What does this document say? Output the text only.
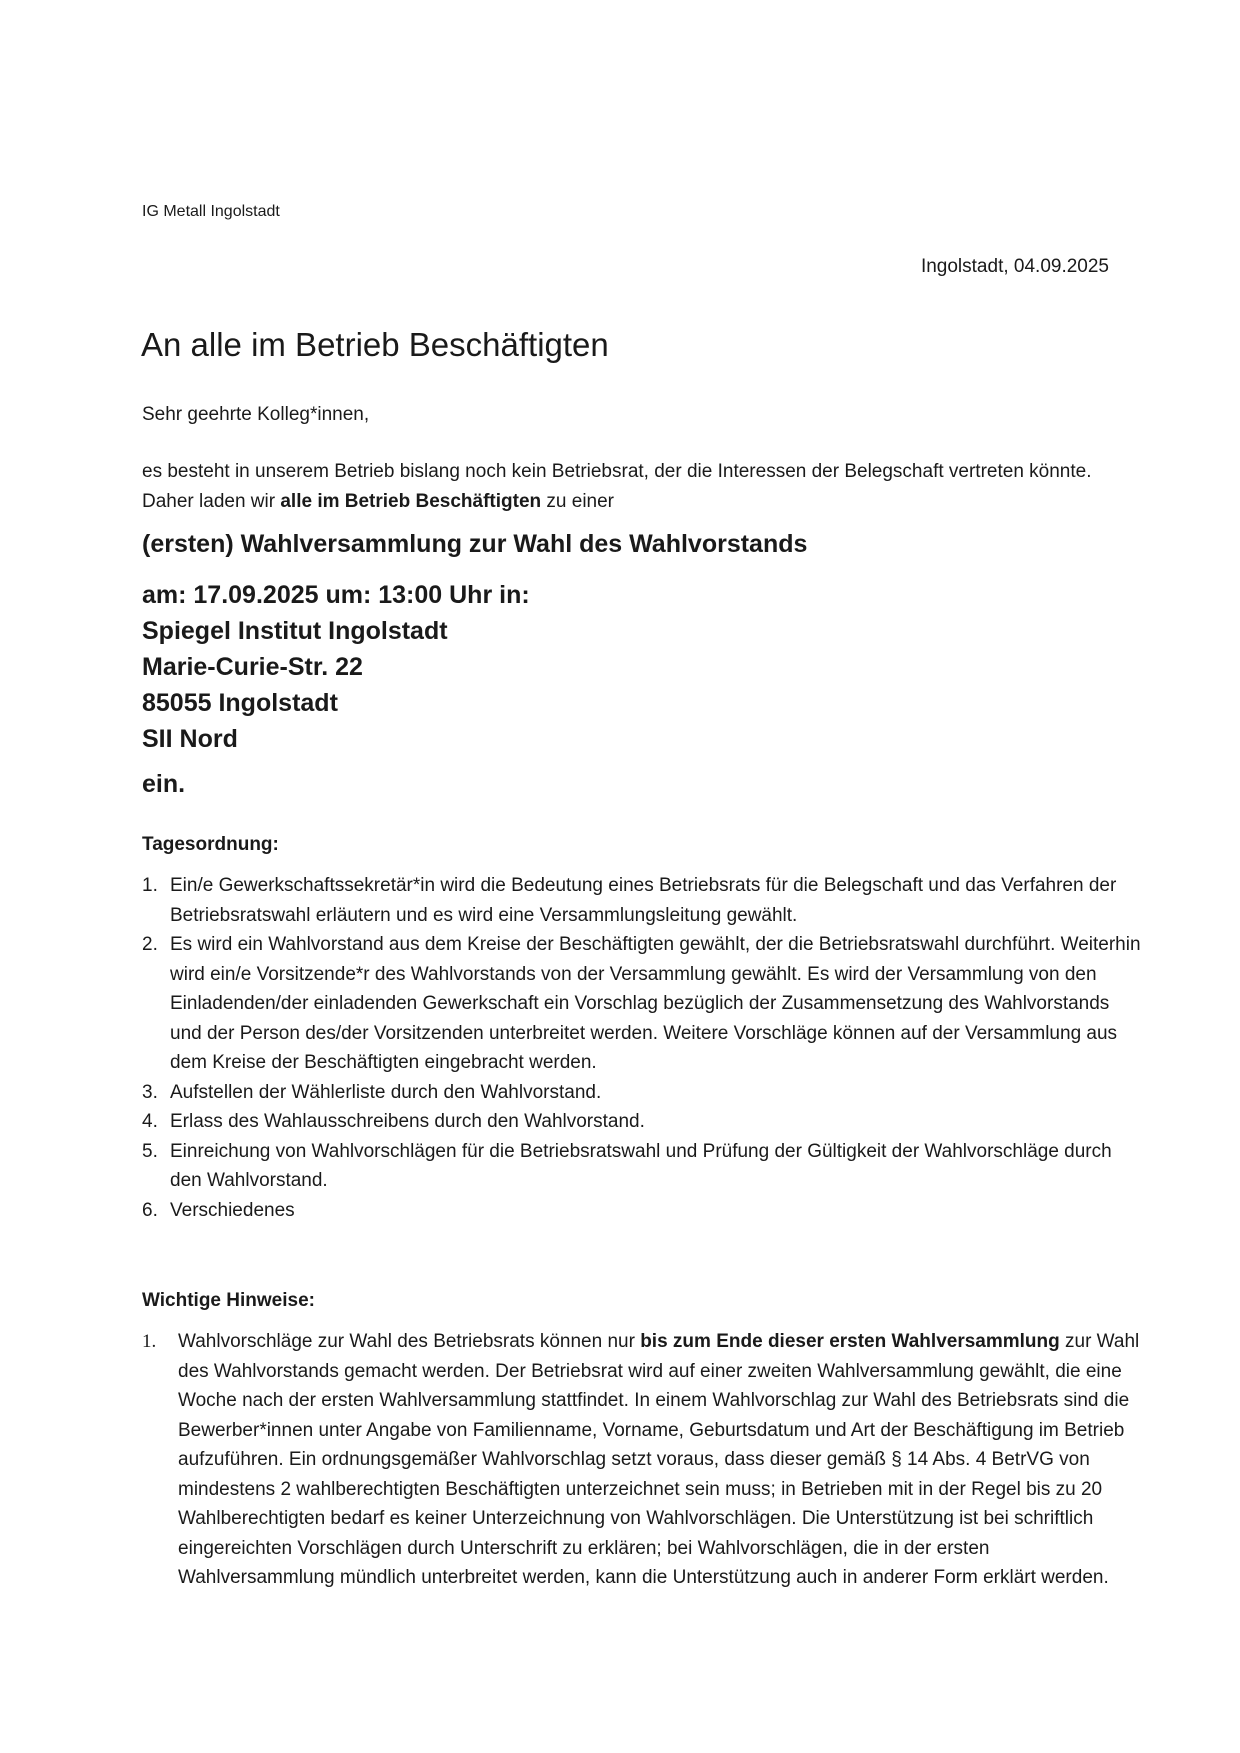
IG Metall Ingolstadt
Ingolstadt, 04.09.2025
An alle im Betrieb Beschäftigten
Sehr geehrte Kolleg*innen,
es besteht in unserem Betrieb bislang noch kein Betriebsrat, der die Interessen der Belegschaft vertreten könnte. Daher laden wir alle im Betrieb Beschäftigten zu einer
(ersten) Wahlversammlung zur Wahl des Wahlvorstands
am: 17.09.2025 um: 13:00 Uhr in:
Spiegel Institut Ingolstadt
Marie-Curie-Str. 22
85055 Ingolstadt
SII Nord
ein.
Tagesordnung:
1. Ein/e Gewerkschaftssekretär*in wird die Bedeutung eines Betriebsrats für die Belegschaft und das Verfahren der Betriebsratswahl erläutern und es wird eine Versammlungsleitung gewählt.
2. Es wird ein Wahlvorstand aus dem Kreise der Beschäftigten gewählt, der die Betriebsratswahl durchführt. Weiterhin wird ein/e Vorsitzende*r des Wahlvorstands von der Versammlung gewählt. Es wird der Versammlung von den Einladenden/der einladenden Gewerkschaft ein Vorschlag bezüglich der Zusammensetzung des Wahlvorstands und der Person des/der Vorsitzenden unterbreitet werden. Weitere Vorschläge können auf der Versammlung aus dem Kreise der Beschäftigten eingebracht werden.
3. Aufstellen der Wählerliste durch den Wahlvorstand.
4. Erlass des Wahlausschreibens durch den Wahlvorstand.
5. Einreichung von Wahlvorschlägen für die Betriebsratswahl und Prüfung der Gültigkeit der Wahlvorschläge durch den Wahlvorstand.
6. Verschiedenes
Wichtige Hinweise:
1. Wahlvorschläge zur Wahl des Betriebsrats können nur bis zum Ende dieser ersten Wahlversammlung zur Wahl des Wahlvorstands gemacht werden. Der Betriebsrat wird auf einer zweiten Wahlversammlung gewählt, die eine Woche nach der ersten Wahlversammlung stattfindet. In einem Wahlvorschlag zur Wahl des Betriebsrats sind die Bewerber*innen unter Angabe von Familienname, Vorname, Geburtsdatum und Art der Beschäftigung im Betrieb aufzuführen. Ein ordnungsgemäßer Wahlvorschlag setzt voraus, dass dieser gemäß § 14 Abs. 4 BetrVG von mindestens 2 wahlberechtigten Beschäftigten unterzeichnet sein muss; in Betrieben mit in der Regel bis zu 20 Wahlberechtigten bedarf es keiner Unterzeichnung von Wahlvorschlägen. Die Unterstützung ist bei schriftlich eingereichten Vorschlägen durch Unterschrift zu erklären; bei Wahlvorschlägen, die in der ersten Wahlversammlung mündlich unterbreitet werden, kann die Unterstützung auch in anderer Form erklärt werden.
